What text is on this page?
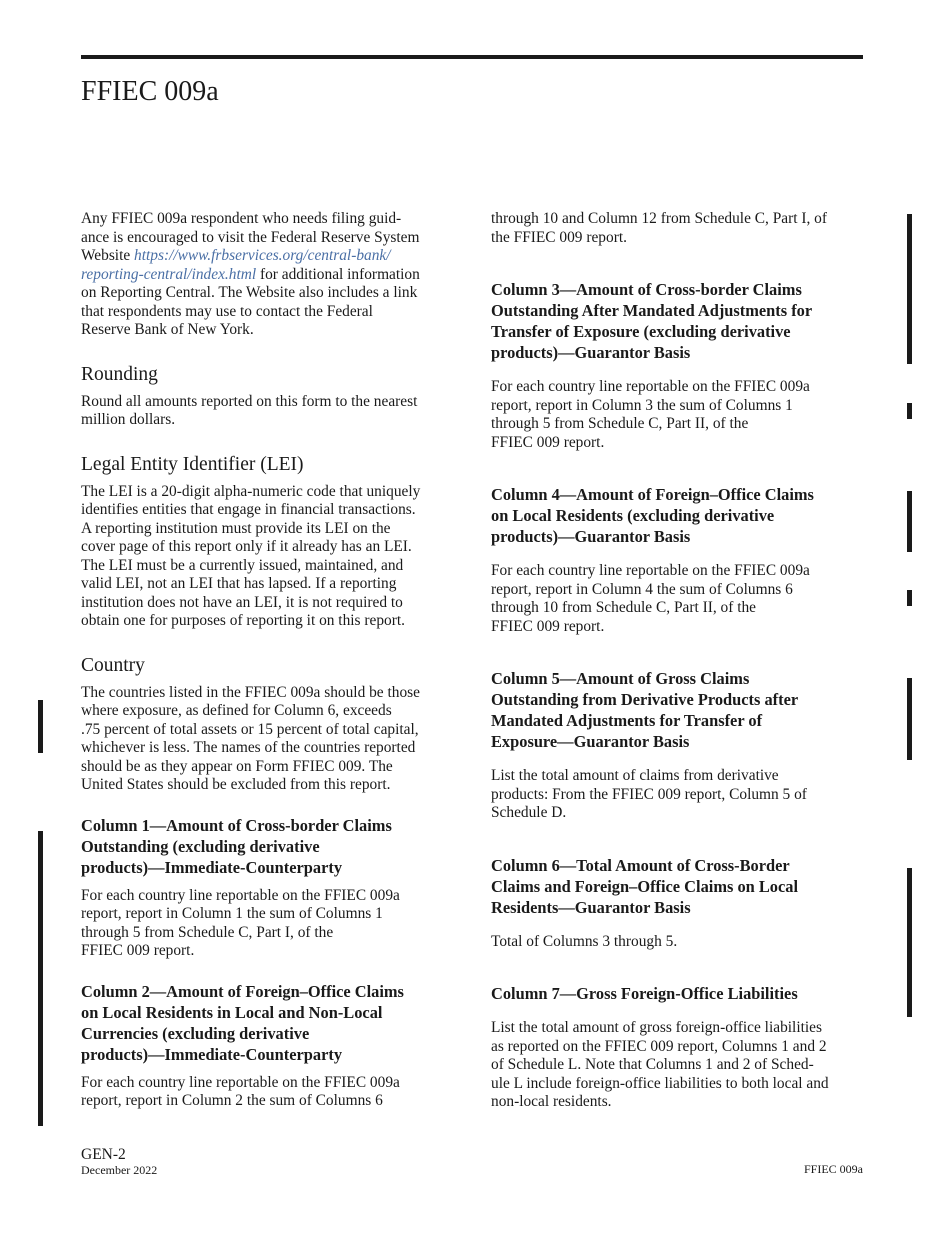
FFIEC 009a

Any FFIEC 009a respondent who needs filing guid-
ance is encouraged to visit the Federal Reserve System
Website https://www.frbservices.org/central-bank/
reporting-central/index.html for additional information
on Reporting Central. The Website also includes a link
that respondents may use to contact the Federal
Reserve Bank of New York.

Rounding

Round all amounts reported on this form to the nearest
million dollars.

Legal Entity Identifier (LEI)

The LEI is a 20-digit alpha-numeric code that uniquely
identifies entities that engage in financial transactions.
A reporting institution must provide its LEI on the
cover page of this report only if it already has an LEI.
The LEI must be a currently issued, maintained, and
valid LEI, not an LEI that has lapsed. If a reporting
institution does not have an LEI, it is not required to
obtain one for purposes of reporting it on this report.

Country

The countries listed in the FFIEC 009a should be those
where exposure, as defined for Column 6, exceeds
.75 percent of total assets or 15 percent of total capital,
whichever is less. The names of the countries reported
should be as they appear on Form FFIEC 009. The
United States should be excluded from this report.

Column 1—Amount of Cross-border Claims
Outstanding (excluding derivative
products)—Immediate-Counterparty

For each country line reportable on the FFIEC 009a
report, report in Column 1 the sum of Columns 1
through 5 from Schedule C, Part I, of the
FFIEC 009 report.

Column 2—Amount of Foreign–Office Claims
on Local Residents in Local and Non-Local
Currencies (excluding derivative
products)—Immediate-Counterparty

For each country line reportable on the FFIEC 009a
report, report in Column 2 the sum of Columns 6

through 10 and Column 12 from Schedule C, Part I, of
the FFIEC 009 report.

Column 3—Amount of Cross-border Claims
Outstanding After Mandated Adjustments for
Transfer of Exposure (excluding derivative
products)—Guarantor Basis

For each country line reportable on the FFIEC 009a
report, report in Column 3 the sum of Columns 1
through 5 from Schedule C, Part II, of the
FFIEC 009 report.

Column 4—Amount of Foreign–Office Claims
on Local Residents (excluding derivative
products)—Guarantor Basis

For each country line reportable on the FFIEC 009a
report, report in Column 4 the sum of Columns 6
through 10 from Schedule C, Part II, of the
FFIEC 009 report.

Column 5—Amount of Gross Claims
Outstanding from Derivative Products after
Mandated Adjustments for Transfer of
Exposure—Guarantor Basis

List the total amount of claims from derivative
products: From the FFIEC 009 report, Column 5 of
Schedule D.

Column 6—Total Amount of Cross-Border
Claims and Foreign–Office Claims on Local
Residents—Guarantor Basis

Total of Columns 3 through 5.

Column 7—Gross Foreign-Office Liabilities

List the total amount of gross foreign-office liabilities
as reported on the FFIEC 009 report, Columns 1 and 2
of Schedule L. Note that Columns 1 and 2 of Sched-
ule L include foreign-office liabilities to both local and
non-local residents.

GEN-2
December 2022	FFIEC 009a
